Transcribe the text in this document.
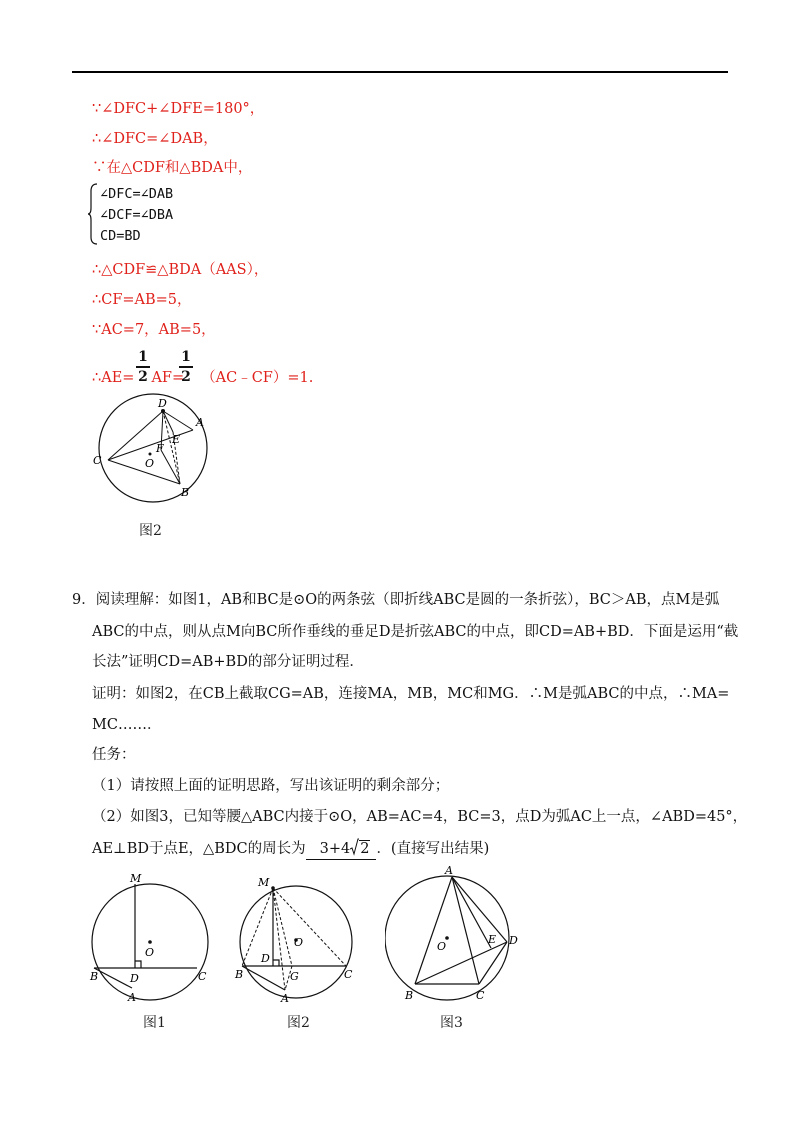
∵∠DFC+∠DFE=180°，
∴∠DFC=∠DAB，
∵在△CDF和△BDA中，
∠DFC=∠DAB
∠DCF=∠DBA
CD=BD
∴△CDF≌△BDA（AAS），
∴CF=AB=5，
∵AC=7，AB=5，
∴AE= AF= （AC﹣CF）=1.
1
2
1
2
D
A
E
F
C	O
B
图2
9．阅读理解：如图1，AB和BC是⊙O的两条弦（即折线ABC是圆的一条折弦），BC＞AB，点M是弧
ABC的中点，则从点M向BC所作垂线的垂足D是折弦ABC的中点，即CD=AB+BD．下面是运用“截
长法”证明CD=AB+BD的部分证明过程．
证明：如图2，在CB上截取CG=AB，连接MA，MB，MC和MG．∴M是弧ABC的中点，∴MA=
MC……．
任务：
（1）请按照上面的证明思路，写出该证明的剩余部分；
（2）如图3，已知等腰△ABC内接于⊙O，AB=AC=4，BC=3，点D为弧AC上一点，∠ABD=45°，
AE⊥BD于点E，△BDC的周长为 3+4 2 ．(直接写出结果)
M
O
B	D	C
A
图1
M
O
B
D
G	C
A
图2
A
O
E D
B	C
图3
